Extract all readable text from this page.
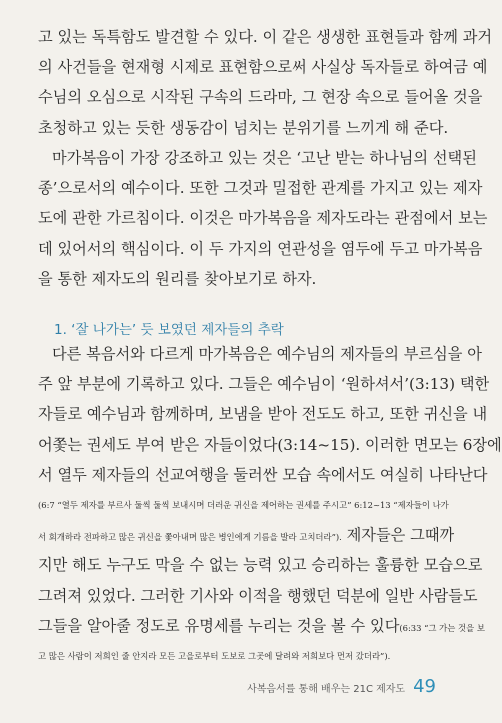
고 있는 독특함도 발견할 수 있다. 이 같은 생생한 표현들과 함께 과거
의 사건들을 현재형 시제로 표현함으로써 사실상 독자들로 하여금 예
수님의 오심으로 시작된 구속의 드라마, 그 현장 속으로 들어올 것을
초청하고 있는 듯한 생동감이 넘치는 분위기를 느끼게 해 준다.
마가복음이 가장 강조하고 있는 것은 ‘고난 받는 하나님의 선택된
종’으로서의 예수이다. 또한 그것과 밀접한 관계를 가지고 있는 제자
도에 관한 가르침이다. 이것은 마가복음을 제자도라는 관점에서 보는
데 있어서의 핵심이다. 이 두 가지의 연관성을 염두에 두고 마가복음
을 통한 제자도의 원리를 찾아보기로 하자.
1. ‘잘 나가는’ 듯 보였던 제자들의 추락
다른 복음서와 다르게 마가복음은 예수님의 제자들의 부르심을 아
주 앞 부분에 기록하고 있다. 그들은 예수님이 ‘원하셔서’(3:13) 택한
자들로 예수님과 함께하며, 보냄을 받아 전도도 하고, 또한 귀신을 내
어쫓는 권세도 부여 받은 자들이었다(3:14~15). 이러한 면모는 6장에
서 열두 제자들의 선교여행을 둘러싼 모습 속에서도 여실히 나타난다
(6:7 “열두 제자를 부르사 둘씩 둘씩 보내시며 더러운 귀신을 제어하는 권세를 주시고” 6:12~13 “제자들이 나가
서 회개하라 전파하고 많은 귀신을 쫓아내며 많은 병인에게 기름을 발라 고치더라”). 제자들은 그때까
지만 해도 누구도 막을 수 없는 능력 있고 승리하는 훌륭한 모습으로
그려져 있었다. 그러한 기사와 이적을 행했던 덕분에 일반 사람들도
그들을 알아줄 정도로 유명세를 누리는 것을 볼 수 있다(6:33 “그 가는 것을 보
고 많은 사람이 저희인 줄 안지라 모든 고을로부터 도보로 그곳에 달려와 저희보다 먼저 갔더라”).
사복음서를 통해 배우는 21C 제자도 49
